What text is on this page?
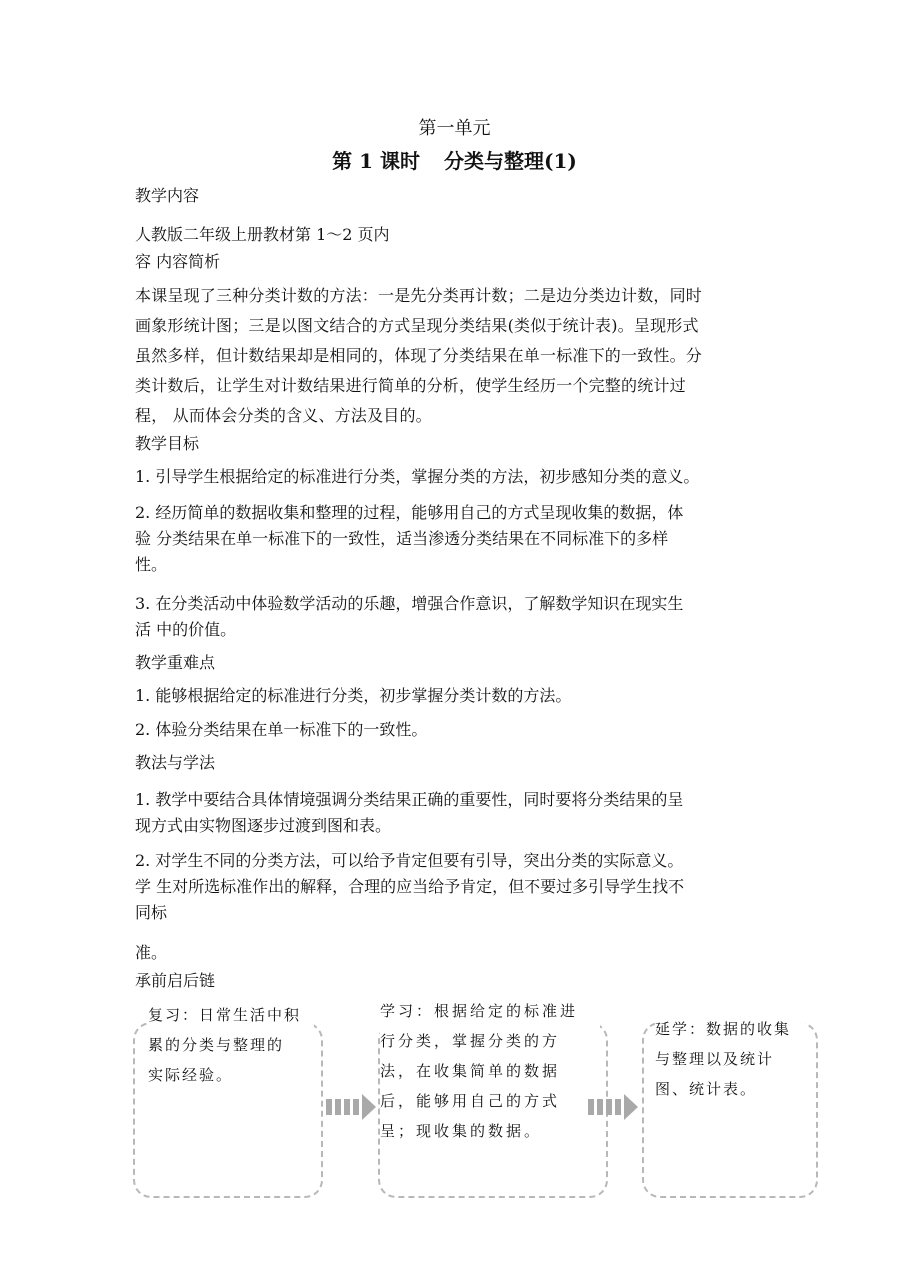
第一单元
第 1 课时 分类与整理(1)
教学内容
人教版二年级上册教材第 1～2 页内
容 内容简析
本课呈现了三种分类计数的方法：一是先分类再计数；二是边分类边计数，同时
画象形统计图；三是以图文结合的方式呈现分类结果(类似于统计表)。呈现形式
虽然多样，但计数结果却是相同的，体现了分类结果在单一标准下的一致性。分
类计数后，让学生对计数结果进行简单的分析，使学生经历一个完整的统计过
程， 从而体会分类的含义、方法及目的。
教学目标
1. 引导学生根据给定的标准进行分类，掌握分类的方法，初步感知分类的意义。
2. 经历简单的数据收集和整理的过程，能够用自己的方式呈现收集的数据，体
验 分类结果在单一标准下的一致性，适当渗透分类结果在不同标准下的多样
性。
3. 在分类活动中体验数学活动的乐趣，增强合作意识，了解数学知识在现实生
活 中的价值。
教学重难点
1. 能够根据给定的标准进行分类，初步掌握分类计数的方法。
2. 体验分类结果在单一标准下的一致性。
教法与学法
1. 教学中要结合具体情境强调分类结果正确的重要性，同时要将分类结果的呈
现方式由实物图逐步过渡到图和表。
2. 对学生不同的分类方法，可以给予肯定但要有引导，突出分类的实际意义。
学 生对所选标准作出的解释，合理的应当给予肯定，但不要过多引导学生找不
同标
准。
承前启后链
复习：日常生活中积
累的分类与整理的
实际经验。
学习：根据给定的标准进
行分类，掌握分类的方
法，在收集简单的数据
后，能够用自己的方式
呈；现收集的数据。
延学：数据的收集
与整理以及统计
图、统计表。
